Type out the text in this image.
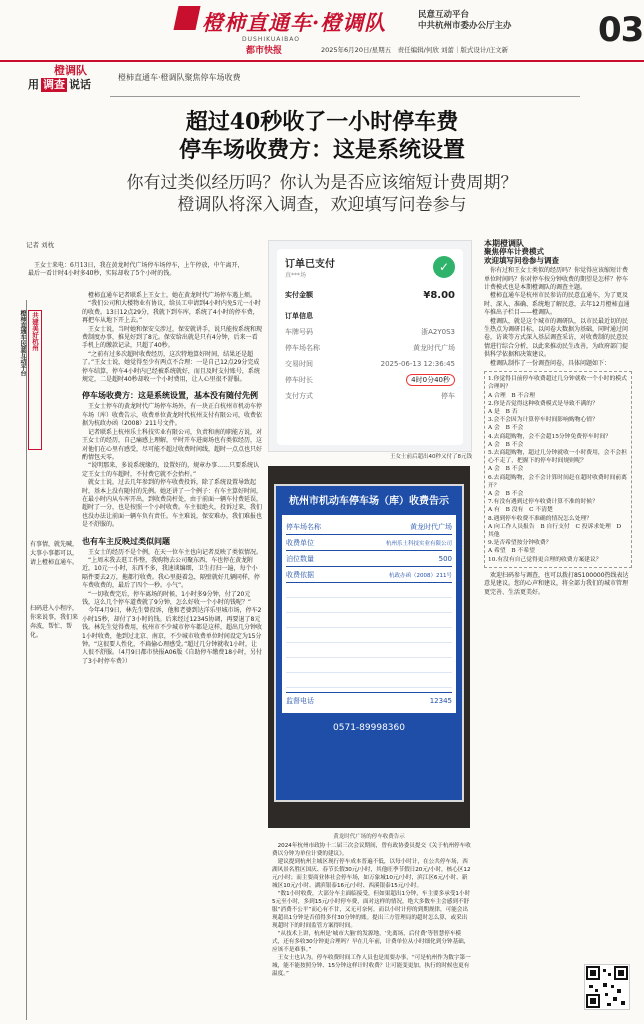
橙柿直通车·橙调队
DUSHIKUAIBAO
都市快报	2025年6月20日/星期五　责任编辑/何欣 刘蕾｜版式设计/庄文新
民意互动平台
中共杭州市委办公厅主办	03
橙调队
用 调查 说话
橙柿直通车·橙调队聚焦停车场收费
超过40秒收了一小时停车费
停车场收费方：这是系统设置
你有过类似经历吗？你认为是否应该缩短计费周期？
橙调队将深入调查，欢迎填写问卷参与
记者 刘枕
王女士来电：6月13日，我在黄龙时代广场停车场停车，上午停放，中午离开，最后一看计时4小时多40秒，实际却收了5个小时的钱。
橙柿直通车民意互动平台 共建美好杭州
有事情，就先喊，大事小事都可以，请上橙柿直通车。
扫码进入小程序，你来说事，我们来奔波，帮忙、帮化。

橙柿直通车记者联系上王女士，她在黄龙时代广场停车遇上烦。

“我们公司和大楼物业有协议，给员工申请到4小时内免5元一小时的收费。13日12点29分，我就下到车库，系统了4小时的停车费，再把车从地下开上去。”

王女士说，当时她和保安交涉过，保安就讲手，说只能按系统和现费制度办事，推见好到了8元。保安给出就是只有4分钟，后来一看手机上的缴款记录，只超了40秒。

“之前有过多次超时收费经历，这次特地算好时间，结果还是超了。”王女士说，她觉得至少有两点不合理：一是自己12点29分完成停车结算，停车4小时内已经被系统就好，而且及时支付账号，系统规定，二是超时40秒却收一个小时费用，让人心里很不舒服。

停车场收费方：这是系统设置，基本没有随付先例

王女士停车的黄龙时代广场停车场外，有一块正白杭州市机动车停车场（库）收费告示，收费单位黄龙时代杭州支付有限公司，收费依据为杭政办函（2008）211号文件。

记者联系上杭州乐土科技实业有限公司，负责和南的职能方说，对王女士的经历，自己痛感上理解，平时开车进商场也有类似经历，这对他们在心里有感受，尽可能不超过收费时间线，超时一点点也只好酌情包天零。

“说明那来，多说系统缘的，设置好的，规章办事……只要系统认定王女士的车超时，不付费它就不会抬杆。”

就女士说，过去几年参到的停车收费投诉，除了系统设置导致起时，基本上没有随付的先例。她还讲了一个例子：有车主算好时间，在最小时内从车库开出，到收费岗杆处，由于前面一辆车付费延误，超时了一分，也是按照一个小时收费。车主很绝火，投诉过来，我们也没办法让前面一辆车负有责任。车主难说，保安难办，我们难报也是不舒服的。

也有车主反映过类似问题

王女士的经历不是个例，在天一位车主也向记者反映了类似情况。

“上周末我去逛工作整，我购物去公司聚东西，车也停在黄龙附近，10元一小时，东西不多，我速谈编细，卫生打扫一遍，每个小隔件要去2万，拖都行收费。我心里挺着急，隔壁就好几辆同样，停车费收费的，最后了四个一秒。小气”。

“一切收费完后，停车离场的时候，1小时多9分钟，付了20元钱，这么几个停车道费就了9分钟，怎么好收一个小时的钱呢？”

今年4月9日，林先生曾投诉，他和老婆到达洋乐里城市场，停车2小时15秒，却付了3小时的钱。后来经过12345协调，再要退了8元钱。林先生觉得费用，杭州市不少城市停车都是这样，超出几分钟收1小时收费，他到过北京、南京，不少城市收费单位时间设定为15分钟。“这很要人性化，不扁偷心理感受。”超过几分钟就收1小时，让人很不舒服。（4月9日都市快报A06版《自助停车缴费18小时，另付了3小时停车费》）

订单已支付
真***场
✓
实付金额	¥8.00
订单信息
车牌号码	浙A2Y0S3
停车场名称	黄龙时代广场
交易时间	2025-06-13 12:36:45
停车时长	4时0分40秒
支付方式	停车
王女士前后超出40秒又付了8元钱
杭州市机动车停车场（库）收费告示
停车场名称	黄龙时代广场
收费单位	杭州乐土科技实业有限公司
泊位数量	500
收费依据	杭政办函（2008）211号
监督电话	12345
0571-89998360
黄龙时代广场的停车收费告示

2024年杭州市政协十二届三次会议期间，曾有政协委员提交《关于杭州停车收费以分钟为单位计费的建议》。

建议提到杭州主城区现行停车成本普遍不低，以每小时计，在公共停车场，西湖风景名胜区国庆、春节长假30元/小时，其他旺季节假日20元/小时，核心区12元/小时；而主要商业体社会停车场，如万象城10元/小时，滨江区6元/小时、新城区10元/小时、湖滨银泰16元/小时、西溪银泰15元/小时。

“数1小时收费，大部分车主面临接受，但如果超出1分钟，车主要多承受1小时5元至小时，多到15元/小时停车费，面对这样的情况，绝大多数车主会感到不舒服“消费不公平”而心有不甘，又无可奈何。而以小时计停的到期规律，可能会出现超出1分钟是否值得多付30分钟的账。提出三方管理局的超时怎么算，或采出现超时下的时间监管方案得时间。

“从技术上讲，杭州是‘城市大脑’的发源地，‘先离场，后付费’等智慧停车模式，还有多收30分钟更合理吗？早在几年前，计费单位从小时细化到分钟基础，应该不是难事。”

王女士也认为，停车收费时间工作人员也是需要办事，“可是杭州作为数字第一城，能不能按照分钟、15分钟这样计时收费？让可能变更加，执行的时候也更有温度。”

本期橙调队
聚焦停车计费模式
欢迎填写问卷参与调查

你有过和王女士类似的经历吗？你觉得应该缩短计费单位时间吗？你对停车按分钟收费的期望是怎样？停车计费模式也是本期橙调队的调查主题。

橙柿直通车是杭州市民参访的民意直通车，为了更及时、深入、准确、系统地了解民意，去年12月橙柿直通车推出子栏目——橙调队。

橙调队，就是这个城市的调研队，以市民最近切的民生热点为调研目标，以问卷大数据为基础，同时通过问卷，访谈等方式深入基层调查采访，对收费制的民意民情进行综合分析，以此来推动民生改善，为政府部门提供科学依据和决策建议。

橙调队制作了一份调查问卷，具体问题如下：

1.你觉得目前停车收费超过几分钟就收一个小时的模式合理吗？
A 合理　B 不合理
2.你是否觉得这种收费模式是导致不满的？
A 是　B 否
3.会不会因为计算停车时间影响购物心情？
A 会　B 不会
4.去商超购物，会不会超15分钟免费停车时间？
A 会　B 不会
5.去商超购物，超过几分钟就收一小时费用，会不会担心不走了，把握下的停车时间规则呢？
A 会　B 不会
6.去商超购物，会不会计算时间赶在超时收费时间前离开？
A 会　B 不会
7.有没有遇到过停车收费计算不准的时候？
A 有　B 没有　C 不清楚
8.遇到停车收费不准确的情况怎么处理？
A 向工作人员报告　B 自行支付　C 投诉求处理　D 其他
9.是否希望按分钟收费？
A 希望　B 不希望
10.有没有自己觉得更合理的收费方案建议？

欢迎扫码参与调查，也可以拨打85100000热线表达意见建议。您的心声和建议，将全部力我们的城市管理更完善、生活更美好。
